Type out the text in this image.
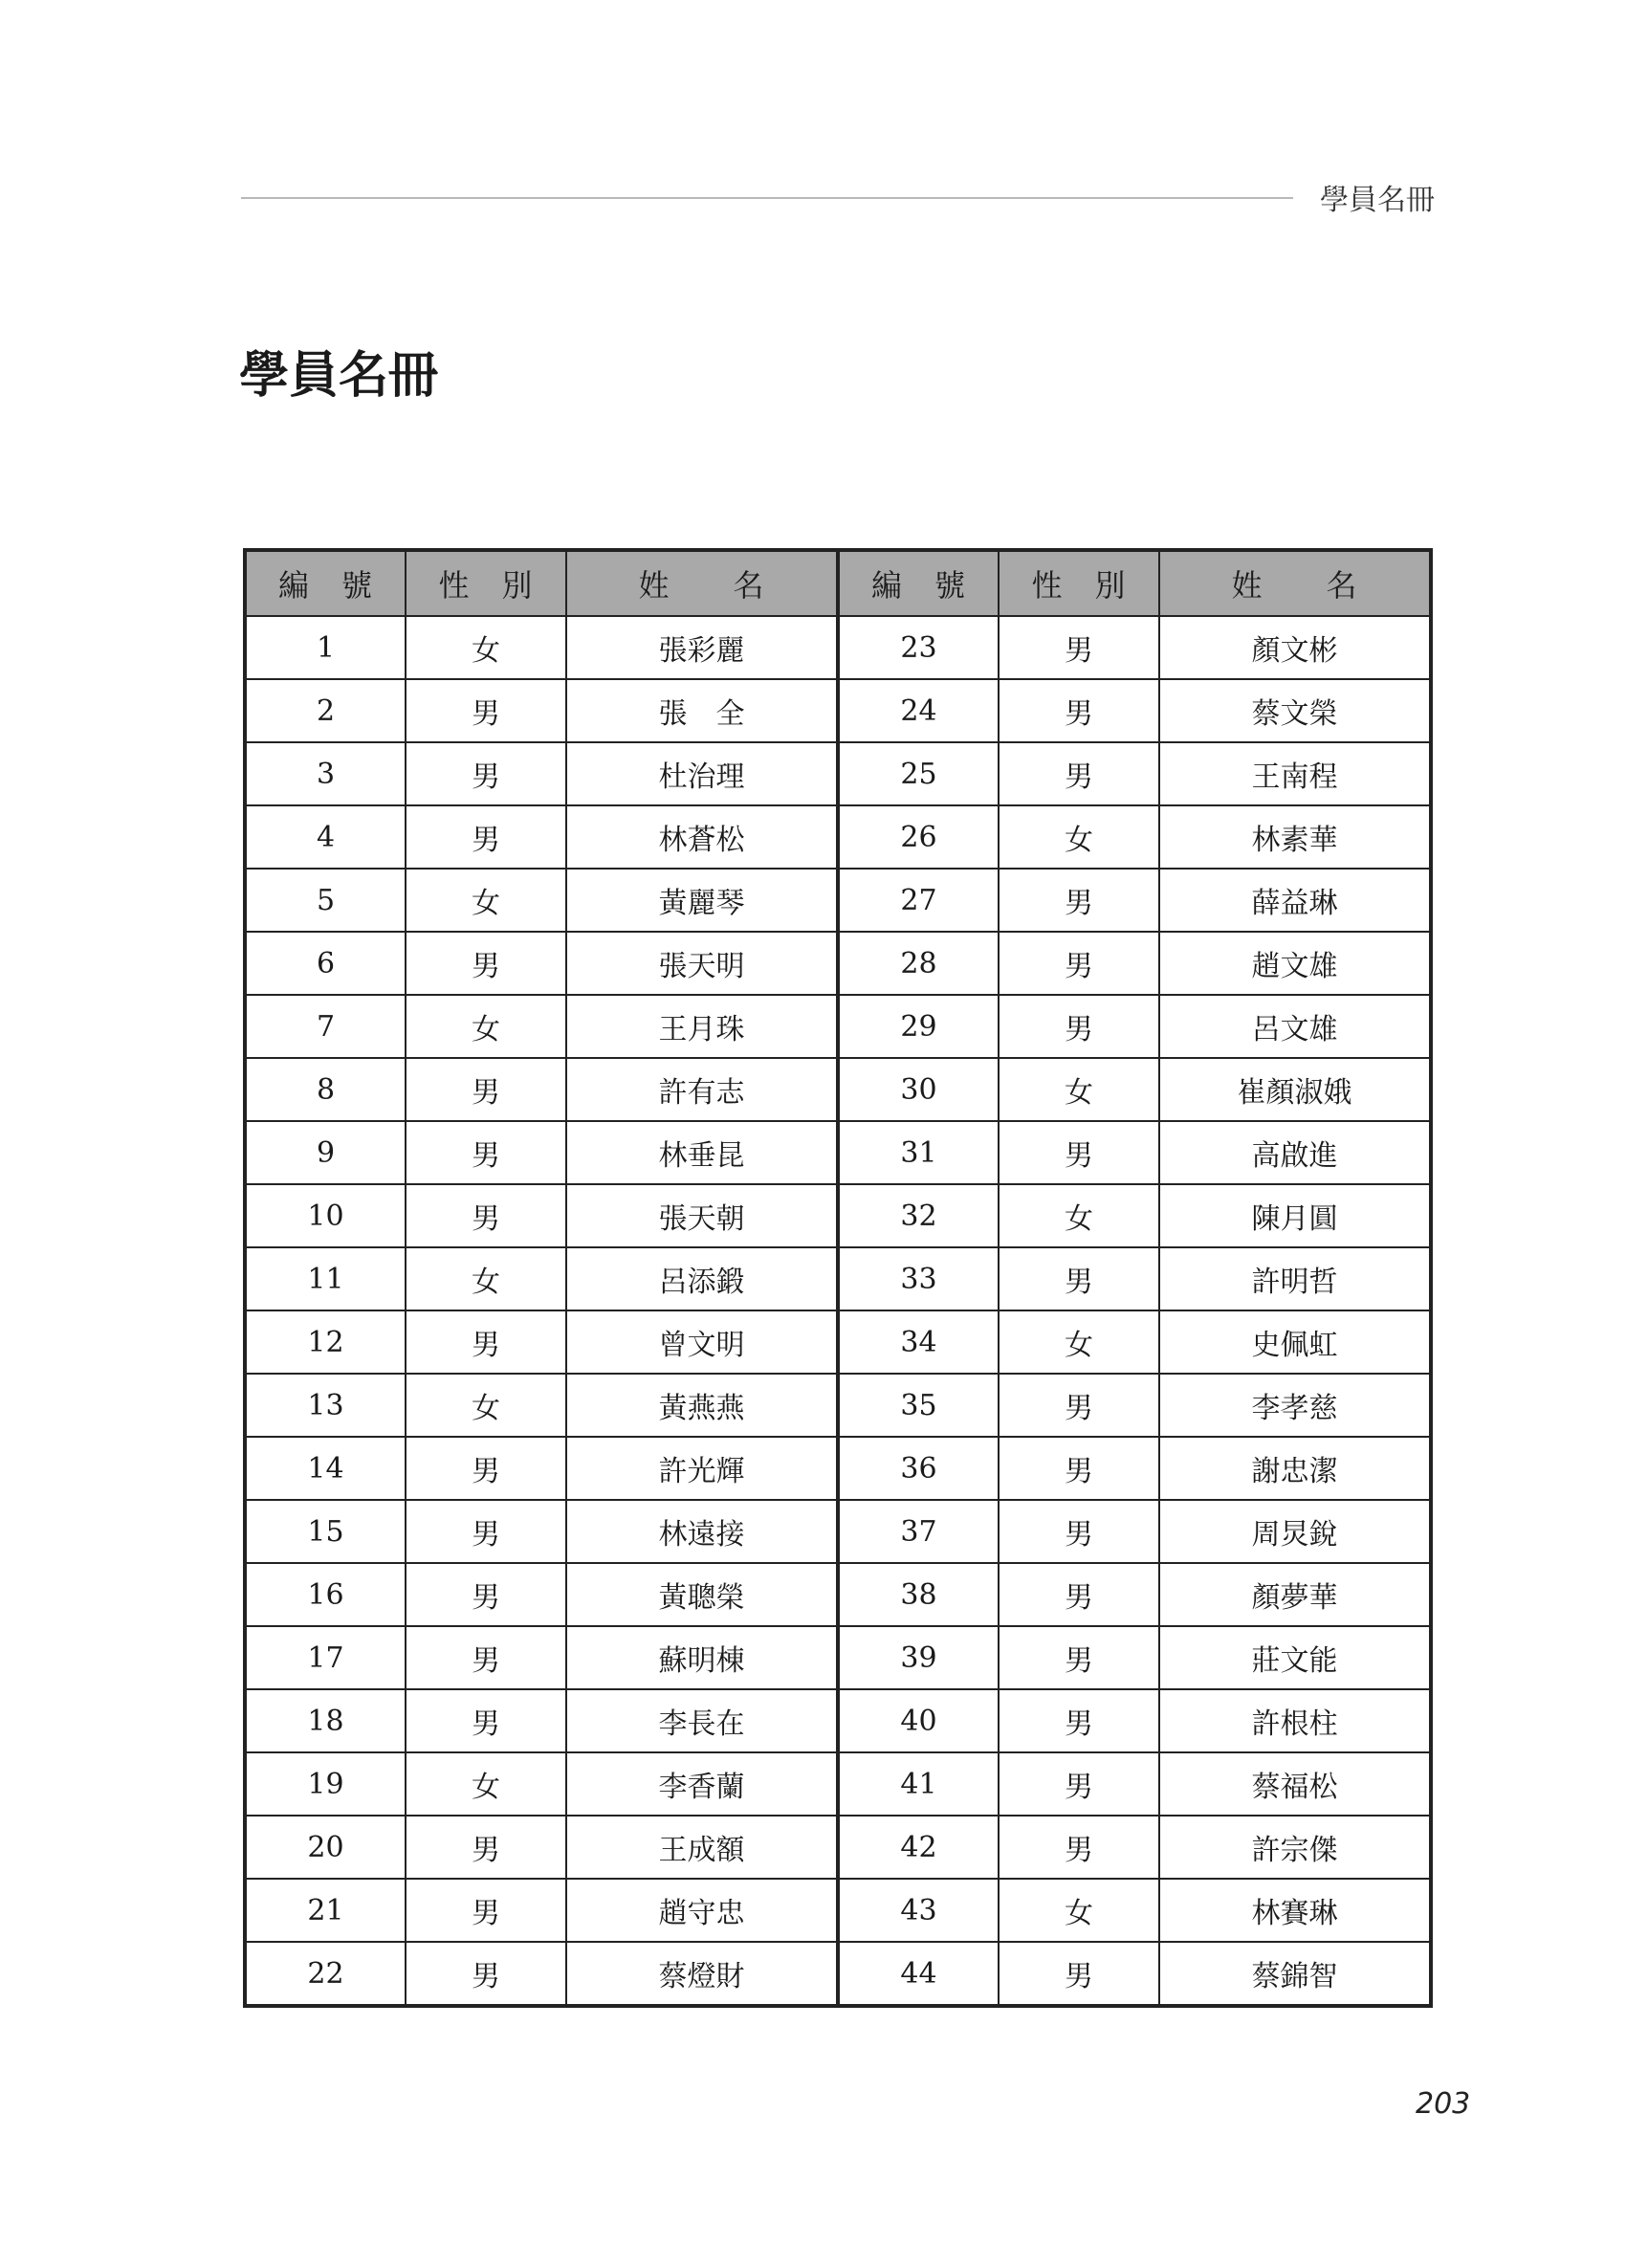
學員名冊
學員名冊
編　號	性　別	姓　　名	編　號	性　別	姓　　名
1	女	張彩麗	23	男	顏文彬
2	男	張　全	24	男	蔡文榮
3	男	杜治理	25	男	王南程
4	男	林蒼松	26	女	林素華
5	女	黃麗琴	27	男	薛益琳
6	男	張天明	28	男	趙文雄
7	女	王月珠	29	男	呂文雄
8	男	許有志	30	女	崔顏淑娥
9	男	林垂昆	31	男	高啟進
10	男	張天朝	32	女	陳月圓
11	女	呂添鍛	33	男	許明哲
12	男	曾文明	34	女	史佩虹
13	女	黃燕燕	35	男	李孝慈
14	男	許光輝	36	男	謝忠潔
15	男	林遠接	37	男	周炅銳
16	男	黃聰榮	38	男	顏夢華
17	男	蘇明棟	39	男	莊文能
18	男	李長在	40	男	許根柱
19	女	李香蘭	41	男	蔡福松
20	男	王成額	42	男	許宗傑
21	男	趙守忠	43	女	林賽琳
22	男	蔡燈財	44	男	蔡錦智
203
